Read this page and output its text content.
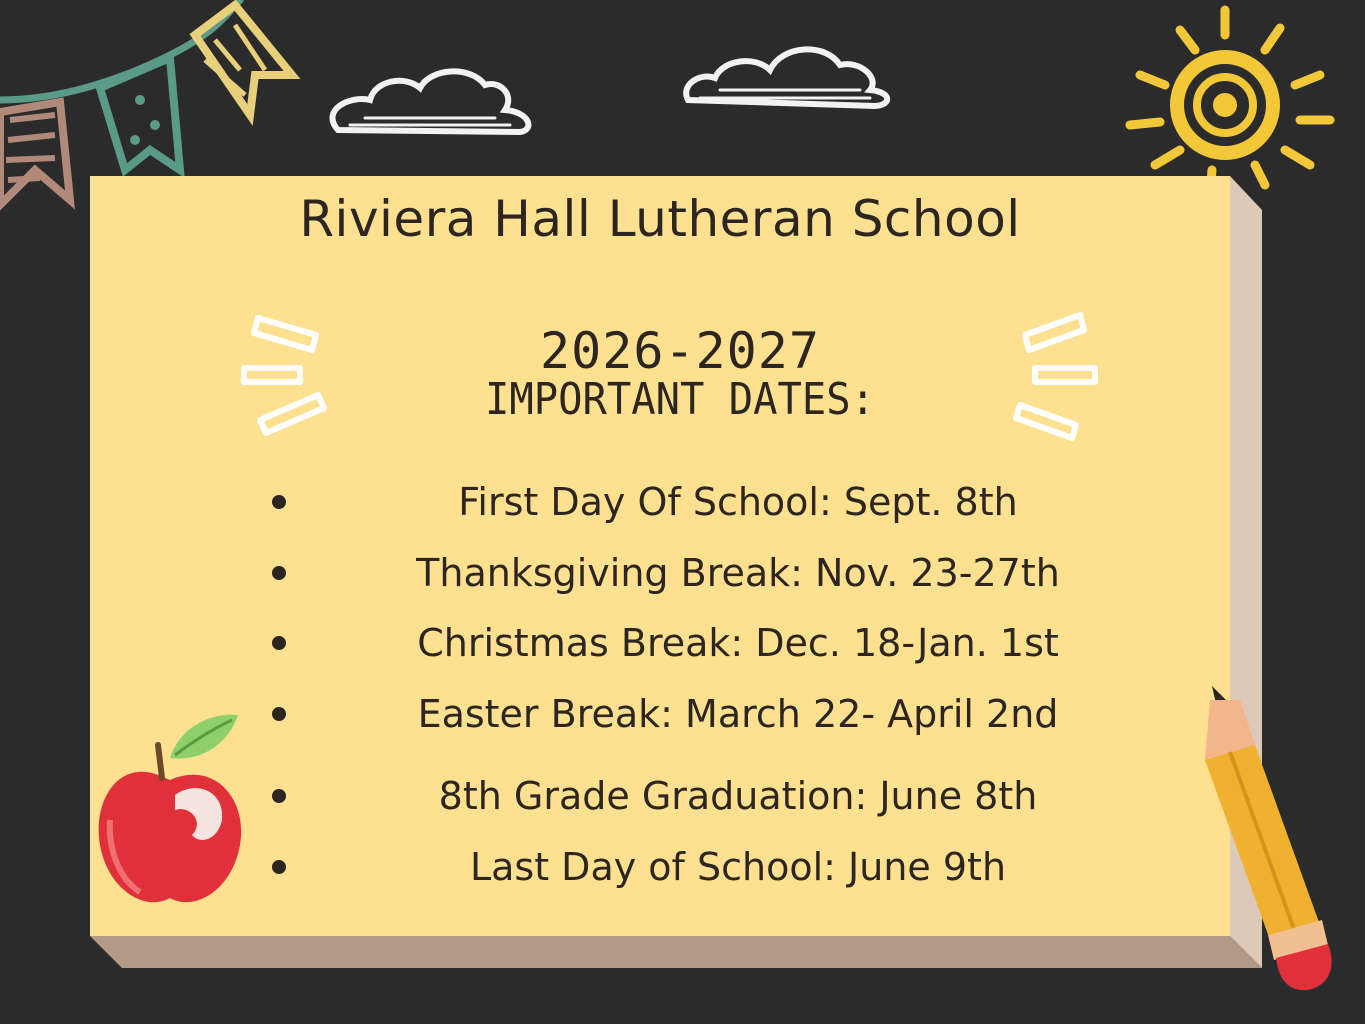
Riviera Hall Lutheran School
2026-2027
IMPORTANT DATES:
First Day Of School: Sept. 8th
Thanksgiving Break: Nov. 23-27th
Christmas Break: Dec. 18-Jan. 1st
Easter Break: March 22- April 2nd
8th Grade Graduation: June 8th
Last Day of School: June 9th
